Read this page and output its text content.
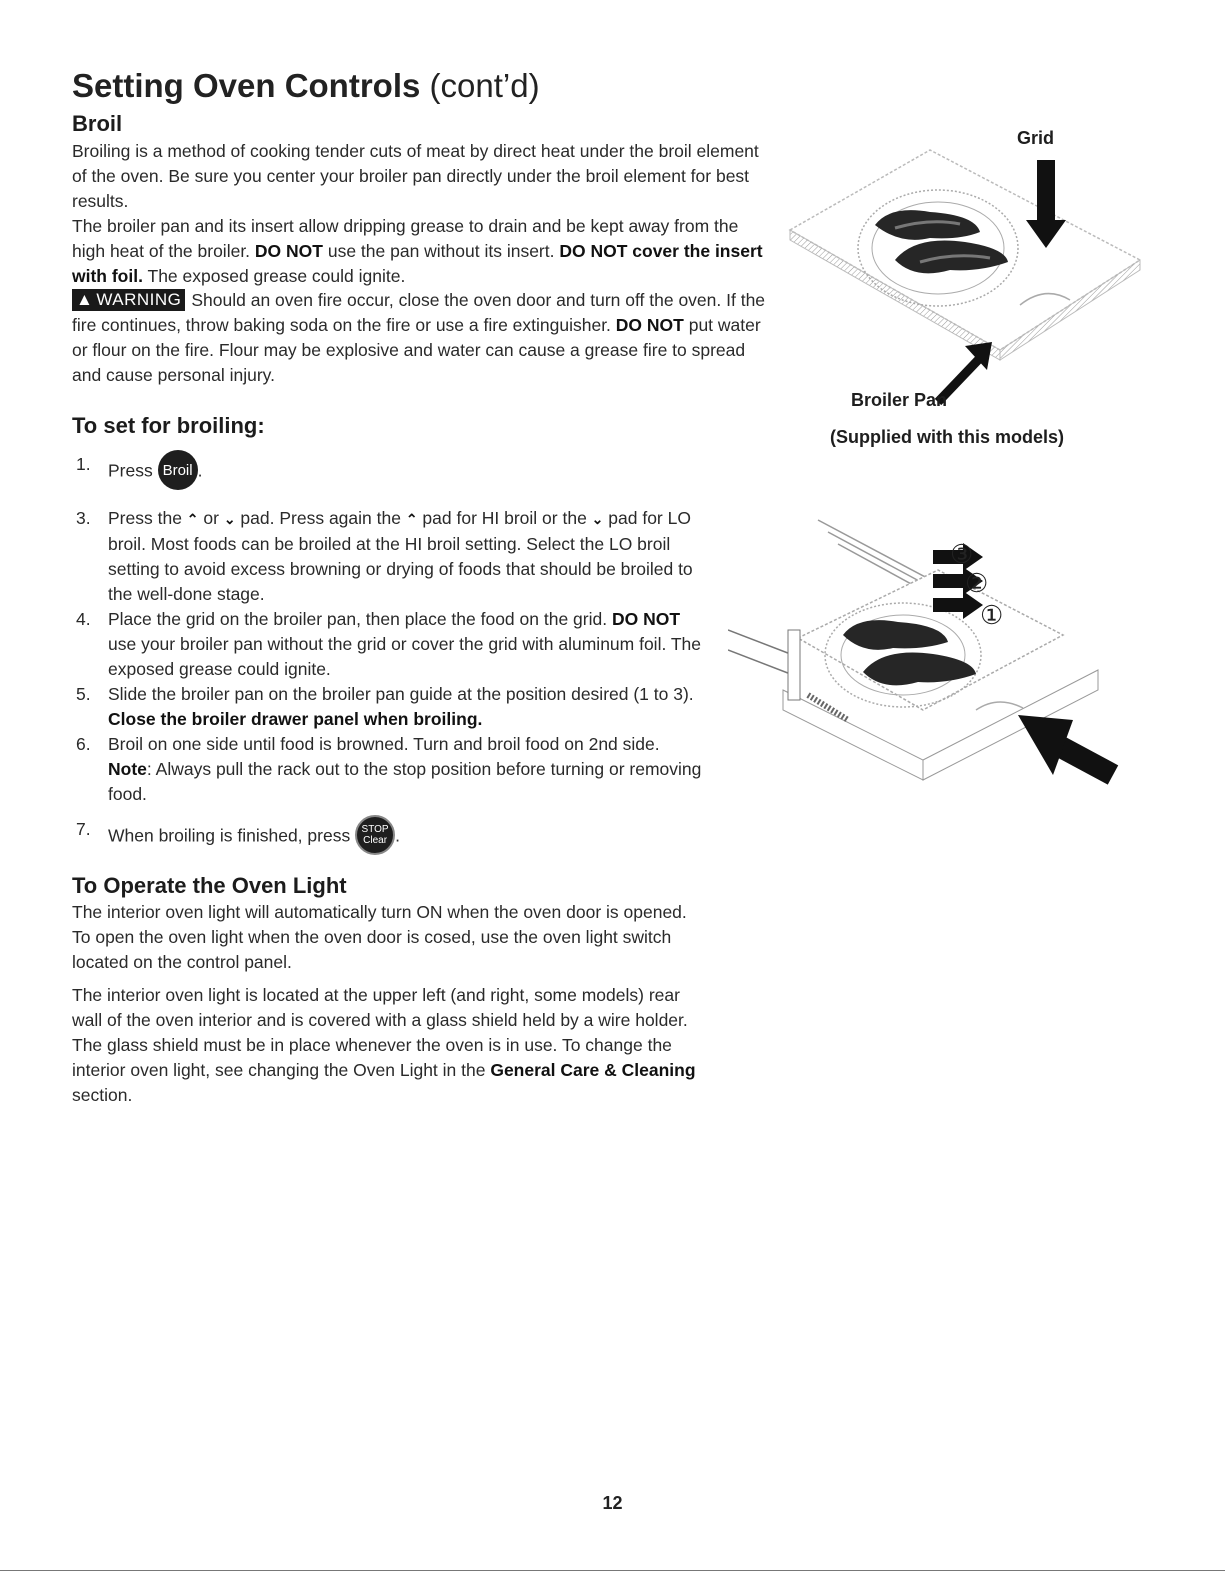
Setting Oven Controls (cont’d)
Broil

Broiling is a method of cooking tender cuts of meat by direct heat under the broil element of the oven. Be sure you center your broiler pan directly under the broil element for best results.

The broiler pan and its insert allow dripping grease to drain and be kept away from the high heat of the broiler. DO NOT use the pan without its insert. DO NOT cover the insert with foil. The exposed grease could ignite.

▲ WARNING Should an oven fire occur, close the oven door and turn off the oven. If the fire continues, throw baking soda on the fire or use a fire extinguisher. DO NOT put water or flour on the fire. Flour may be explosive and water can cause a grease fire to spread and cause personal injury.

To set for broiling:
1. Press Broil .
3. Press the ⌃ or ⌄ pad. Press again the ⌃ pad for HI broil or the ⌄ pad for LO broil. Most foods can be broiled at the HI broil setting. Select the LO broil setting to avoid excess browning or drying of foods that should be broiled to the well-done stage.
4. Place the grid on the broiler pan, then place the food on the grid. DO NOT use your broiler pan without the grid or cover the grid with aluminum foil. The exposed grease could ignite.
5. Slide the broiler pan on the broiler pan guide at the position desired (1 to 3). Close the broiler drawer panel when broiling.
6. Broil on one side until food is browned. Turn and broil food on 2nd side.
Note: Always pull the rack out to the stop position before turning or removing food.
7. When broiling is finished, press STOP
Clear .
To Operate the Oven Light

The interior oven light will automatically turn ON when the oven door is opened. To open the oven light when the oven door is cosed, use the oven light switch located on the control panel.

The interior oven light is located at the upper left (and right, some models) rear wall of the oven interior and is covered with a glass shield held by a wire holder. The glass shield must be in place whenever the oven is in use. To change the interior oven light, see changing the Oven Light in the General Care & Cleaning section.

Grid
Broiler Pan
(Supplied with this models)
③
②
①
12
